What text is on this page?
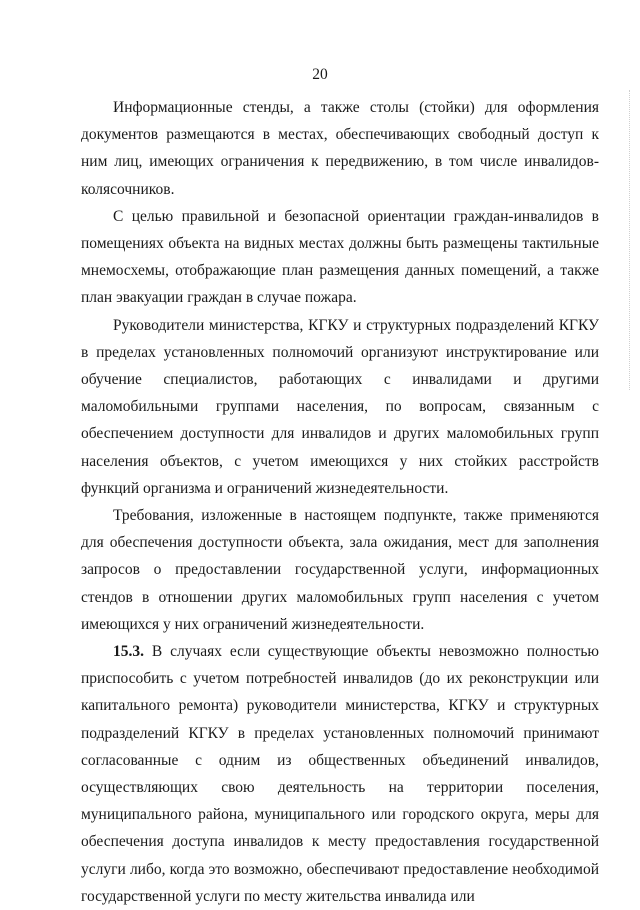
20

Информационные стенды, а также столы (стойки) для оформления документов размещаются в местах, обеспечивающих свободный доступ к ним лиц, имеющих ограничения к передвижению, в том числе инвалидов-колясочников.

С целью правильной и безопасной ориентации граждан-инвалидов в помещениях объекта на видных местах должны быть размещены тактильные мнемосхемы, отображающие план размещения данных помещений, а также план эвакуации граждан в случае пожара.

Руководители министерства, КГКУ и структурных подразделений КГКУ в пределах установленных полномочий организуют инструктирование или обучение специалистов, работающих с инвалидами и другими маломобильными группами населения, по вопросам, связанным с обеспечением доступности для инвалидов и других маломобильных групп населения объектов, с учетом имеющихся у них стойких расстройств функций организма и ограничений жизнедеятельности.

Требования, изложенные в настоящем подпункте, также применяются для обеспечения доступности объекта, зала ожидания, мест для заполнения запросов о предоставлении государственной услуги, информационных стендов в отношении других маломобильных групп населения с учетом имеющихся у них ограничений жизнедеятельности.

15.3. В случаях если существующие объекты невозможно полностью приспособить с учетом потребностей инвалидов (до их реконструкции или капитального ремонта) руководители министерства, КГКУ и структурных подразделений КГКУ в пределах установленных полномочий принимают согласованные с одним из общественных объединений инвалидов, осуществляющих свою деятельность на территории поселения, муниципального района, муниципального или городского округа, меры для обеспечения доступа инвалидов к месту предоставления государственной услуги либо, когда это возможно, обеспечивают предоставление необходимой государственной услуги по месту жительства инвалида или
